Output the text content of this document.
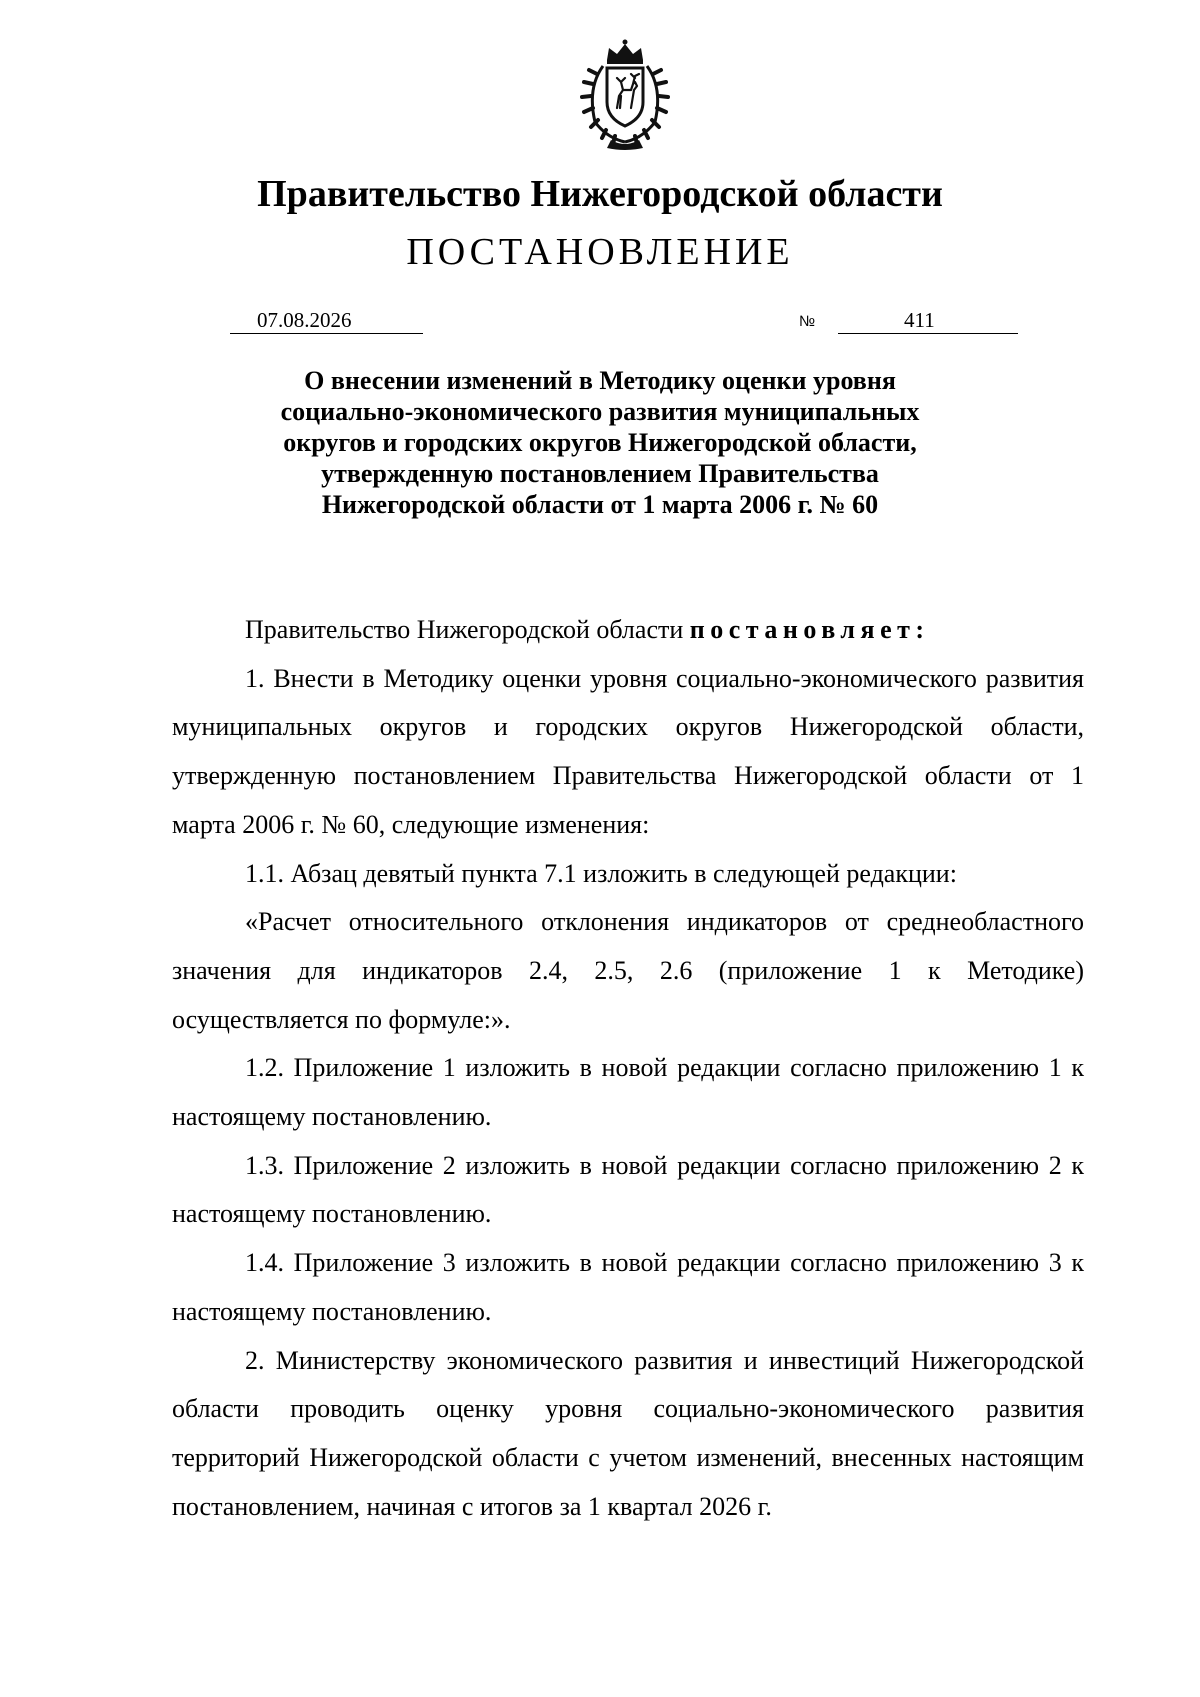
Правительство Нижегородской области
ПОСТАНОВЛЕНИЕ
07.08.2026	№	411
О внесении изменений в Методику оценки уровня
социально-экономического развития муниципальных
округов и городских округов Нижегородской области,
утвержденную постановлением Правительства
Нижегородской области от 1 марта 2006 г. № 60

Правительство Нижегородской области постановляет:

1. Внести в Методику оценки уровня социально-экономического развития муниципальных округов и городских округов Нижегородской области, утвержденную постановлением Правительства Нижегородской области от 1 марта 2006 г. № 60, следующие изменения:

1.1. Абзац девятый пункта 7.1 изложить в следующей редакции:

«Расчет относительного отклонения индикаторов от среднеобластного значения для индикаторов 2.4, 2.5, 2.6 (приложение 1 к Методике) осуществляется по формуле:».

1.2. Приложение 1 изложить в новой редакции согласно приложению 1 к настоящему постановлению.

1.3. Приложение 2 изложить в новой редакции согласно приложению 2 к настоящему постановлению.

1.4. Приложение 3 изложить в новой редакции согласно приложению 3 к настоящему постановлению.

2. Министерству экономического развития и инвестиций Нижегородской области проводить оценку уровня социально-экономического развития территорий Нижегородской области с учетом изменений, внесенных настоящим постановлением, начиная с итогов за 1 квартал 2026 г.
